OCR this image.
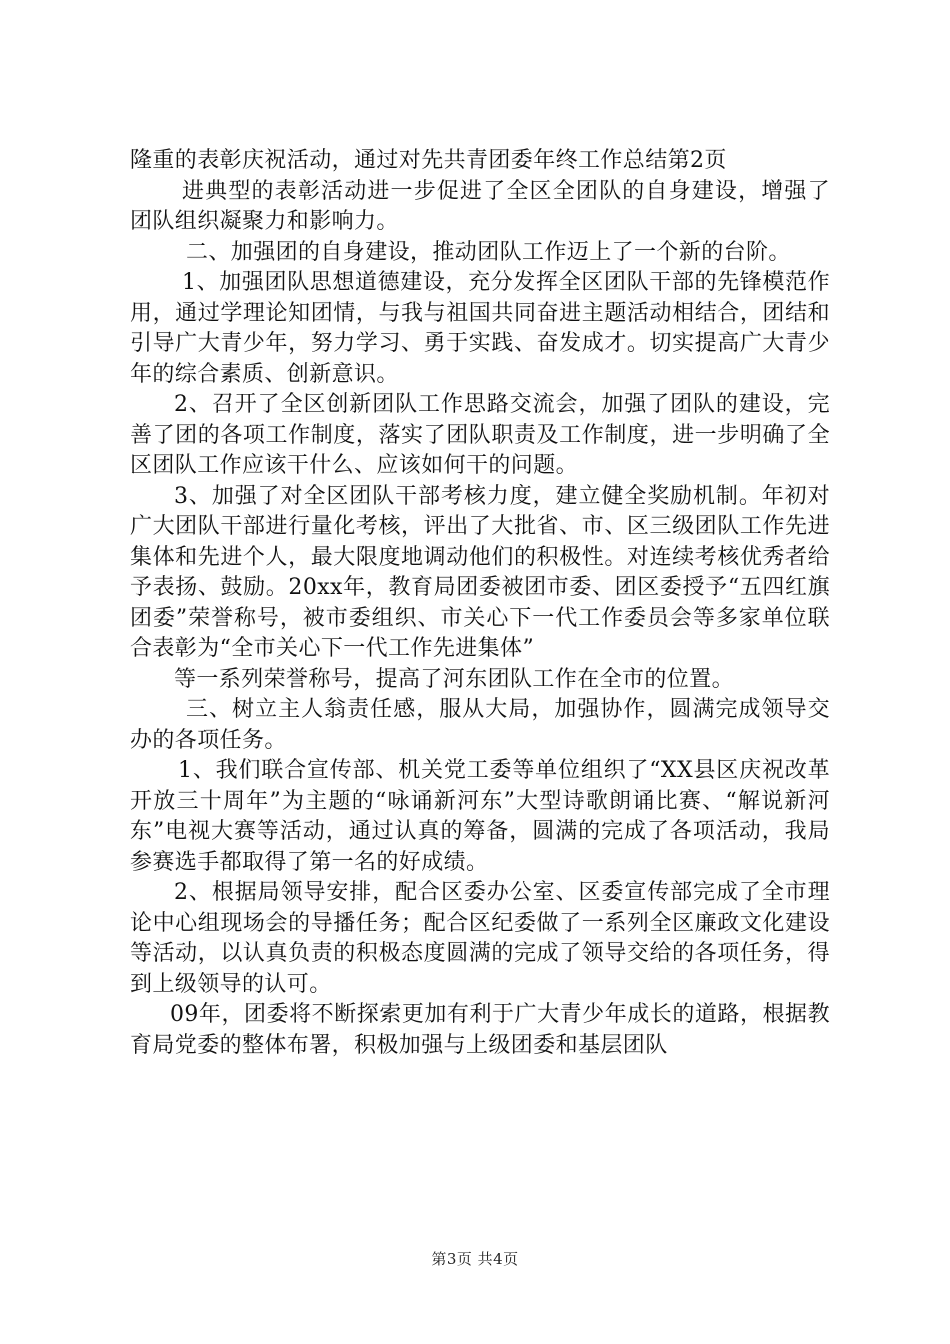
隆重的表彰庆祝活动，通过对先共青团委年终工作总结第2页

进典型的表彰活动进一步促进了全区全团队的自身建设，增强了团队组织凝聚力和影响力。

二、加强团的自身建设，推动团队工作迈上了一个新的台阶。

1、加强团队思想道德建设，充分发挥全区团队干部的先锋模范作用，通过学理论知团情，与我与祖国共同奋进主题活动相结合，团结和引导广大青少年，努力学习、勇于实践、奋发成才。切实提高广大青少年的综合素质、创新意识。

2、召开了全区创新团队工作思路交流会，加强了团队的建设，完善了团的各项工作制度，落实了团队职责及工作制度，进一步明确了全区团队工作应该干什么、应该如何干的问题。

3、加强了对全区团队干部考核力度，建立健全奖励机制。年初对广大团队干部进行量化考核，评出了大批省、市、区三级团队工作先进集体和先进个人，最大限度地调动他们的积极性。对连续考核优秀者给予表扬、鼓励。20xx年，教育局团委被团市委、团区委授予“五四红旗团委”荣誉称号，被市委组织、市关心下一代工作委员会等多家单位联合表彰为“全市关心下一代工作先进集体”

等一系列荣誉称号，提高了河东团队工作在全市的位置。

三、树立主人翁责任感，服从大局，加强协作，圆满完成领导交办的各项任务。

1、我们联合宣传部、机关党工委等单位组织了“XX县区庆祝改革开放三十周年”为主题的“咏诵新河东”大型诗歌朗诵比赛、“解说新河东”电视大赛等活动，通过认真的筹备，圆满的完成了各项活动，我局参赛选手都取得了第一名的好成绩。

2、根据局领导安排，配合区委办公室、区委宣传部完成了全市理论中心组现场会的导播任务；配合区纪委做了一系列全区廉政文化建设等活动，以认真负责的积极态度圆满的完成了领导交给的各项任务，得到上级领导的认可。

09年，团委将不断探索更加有利于广大青少年成长的道路，根据教育局党委的整体布署，积极加强与上级团委和基层团队

第3页 共4页
